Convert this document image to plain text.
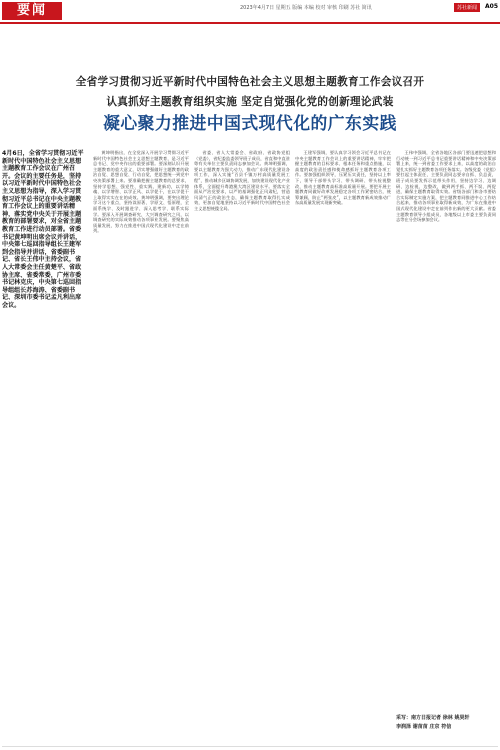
要闻	2023年4月7日 星期五 版编 本编 校对 审核 印刷 苏社 简讯	苏社新闻	A05
全省学习贯彻习近平新时代中国特色社会主义思想主题教育工作会议召开
认真抓好主题教育组织实施 坚定自觉强化党的创新理论武装
凝心聚力推进中国式现代化的广东实践
4月6日，全省学习贯彻习近平新时代中国特色社会主义思想主题教育工作会议在广州召开。会议的主要任务是，坚持以习近平新时代中国特色社会主义思想为指导，深入学习贯彻习近平总书记在中央主题教育工作会议上的重要讲话精神，落实党中央关于开展主题教育的部署要求，对全省主题教育工作进行动员部署。省委书记黄坤明出席会议并讲话，中央第七巡回指导组长王建军到会指导并讲话，省委副书记、省长王伟中主持会议，省人大常委会主任黄楚平、省政协主席、省委常委，广州市委书记林克庆，中央第七巡回指导组组长苏海涛、省委副书记、深圳市委书记孟凡利出席会议。
黄坤明指出，在全党深入开展学习贯彻习近平新时代中国特色社会主义思想主题教育，是习近平总书记、党中央作出的重要部署。要深刻认识开展主题教育的重大意义，切实增强做好主题教育的政治自觉、思想自觉、行动自觉，把思想统一到党中央决策部署上来。要准确把握主题教育的总要求，坚持学思想、强党性、重实践、建新功，以学铸魂、以学增智、以学正风、以学促干，在以学促干上取得实实在在的成效。黄坤明强调，要突出理论学习这个重点，坚持读原著、学原文、悟原理，全面系统学、及时跟进学、深入思考学、联系实际学。要深入开展调查研究，大兴调查研究之风，以调查研究的实际成效推动各项事业发展。要聚焦高质量发展，努力在推进中国式现代化建设中走在前列。
省委、省人大常委会、省政府、省政协党组（党委），省纪委监委领导班子成员，省直和中直驻粤有关单位主要负责同志参加会议。黄坤明强调，要以主题教育为强大动力，推动广东现代化建设各项工作，深入实施“百县千镇万村高质量发展工程”，推动城乡区域协调发展，加快建设现代化产业体系，全面提升粤港澳大湾区建设水平。要落实全面从严治党要求，以严的基调强化正风肃纪，营造风清气正的政治生态，确保主题教育取得扎实成效，更加自觉地坚持以习近平新时代中国特色社会主义思想统揽全局。
王建军强调，要认真学习领会习近平总书记在中央主题教育工作会议上的重要讲话精神，牢牢把握主题教育的目标要求、根本任务和重点措施，以高度的政治责任感和使命感抓好主题教育各项工作。要加强组织领导，压紧压实责任，坚持以上率下，领导干部带头学习、带头调研、带头检视整改，推动主题教育高标准高质量开展。要把开展主题教育同做好改革发展稳定各项工作紧密结合，统筹兼顾，防止“两张皮”，以主题教育新成效推动广东高质量发展实现新突破。
王伟中强调，全省各地区各部门要迅速把思想和行动统一到习近平总书记重要讲话精神和中央决策部署上来，统一到省委工作要求上来，以高度的政治自觉扎实抓好主题教育各项任务落实。各级党委（党组）要扛起主体责任，主要负责同志要亲自抓、负总责，班子成员要发挥示范带头作用，坚持边学习、边调研、边检视、边整改，做到两手抓、两不误、两促进，确保主题教育取得实效。省级各部门和各市要结合实际制定实施方案，把主题教育同推进中心工作结合起来，推动各项事业取得新成效，为广东在推进中国式现代化建设中走在前列作出新的更大贡献。省委主题教育领导小组成员，各地级以上市委主要负责同志等在分会场参加会议。
采写：南方日报记者 徐林 姚昊轩
李润泽 谢苗苗 庄京 符信
